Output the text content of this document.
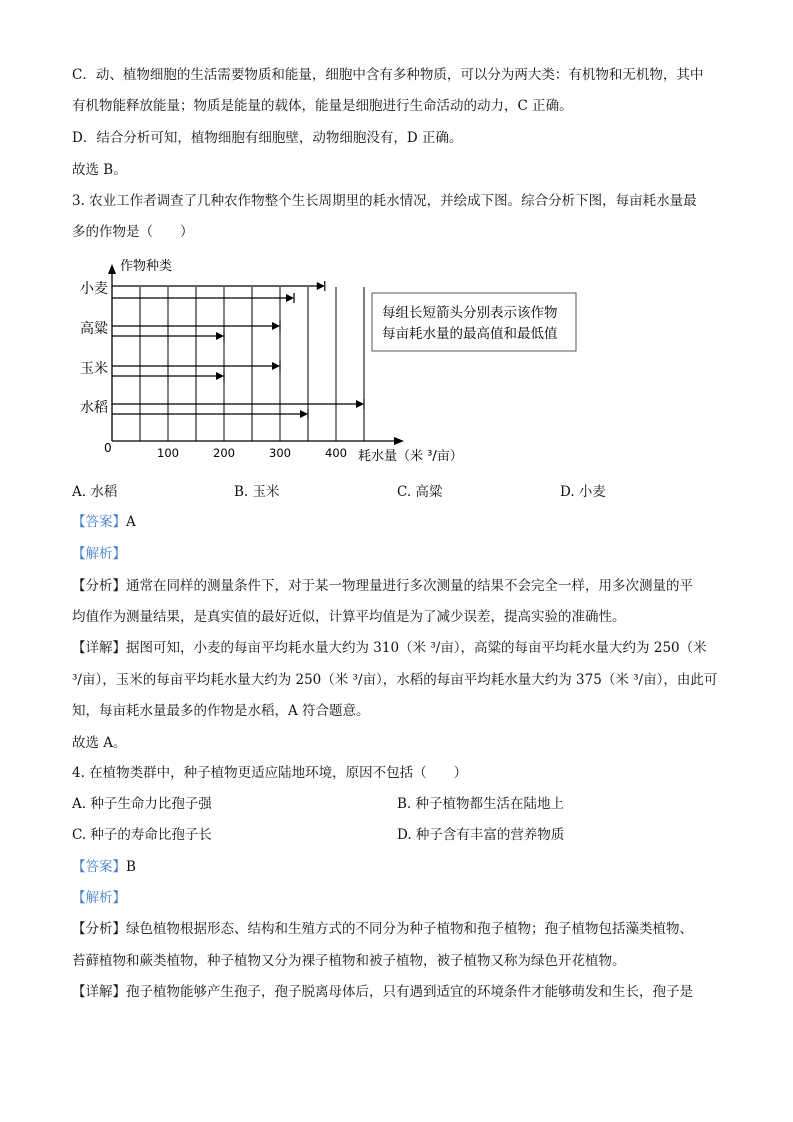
C．动、植物细胞的生活需要物质和能量，细胞中含有多种物质，可以分为两大类：有机物和无机物，其中
有机物能释放能量；物质是能量的载体，能量是细胞进行生命活动的动力，C 正确。
D．结合分析可知，植物细胞有细胞壁，动物细胞没有，D 正确。
故选 B。
3. 农业工作者调查了几种农作物整个生长周期里的耗水情况，并绘成下图。综合分析下图，每亩耗水量最
多的作物是（　　）
作物种类
0	100	200	300	400 耗水量（米 ³/亩）
小麦
高粱
玉米
水稻
每组长短箭头分别表示该作物
每亩耗水量的最高值和最低值
A. 水稻	B. 玉米	C. 高粱	D. 小麦
【答案】A
【解析】
【分析】通常在同样的测量条件下，对于某一物理量进行多次测量的结果不会完全一样，用多次测量的平
均值作为测量结果，是真实值的最好近似，计算平均值是为了减少误差，提高实验的准确性。
【详解】据图可知，小麦的每亩平均耗水量大约为 310（米 ³/亩），高粱的每亩平均耗水量大约为 250（米
³/亩），玉米的每亩平均耗水量大约为 250（米 ³/亩），水稻的每亩平均耗水量大约为 375（米 ³/亩），由此可
知，每亩耗水量最多的作物是水稻，A 符合题意。
故选 A。
4. 在植物类群中，种子植物更适应陆地环境，原因不包括（　　）
A. 种子生命力比孢子强	B. 种子植物都生活在陆地上
C. 种子的寿命比孢子长	D. 种子含有丰富的营养物质
【答案】B
【解析】
【分析】绿色植物根据形态、结构和生殖方式的不同分为种子植物和孢子植物；孢子植物包括藻类植物、
苔藓植物和蕨类植物，种子植物又分为裸子植物和被子植物，被子植物又称为绿色开花植物。
【详解】孢子植物能够产生孢子，孢子脱离母体后，只有遇到适宜的环境条件才能够萌发和生长，孢子是
